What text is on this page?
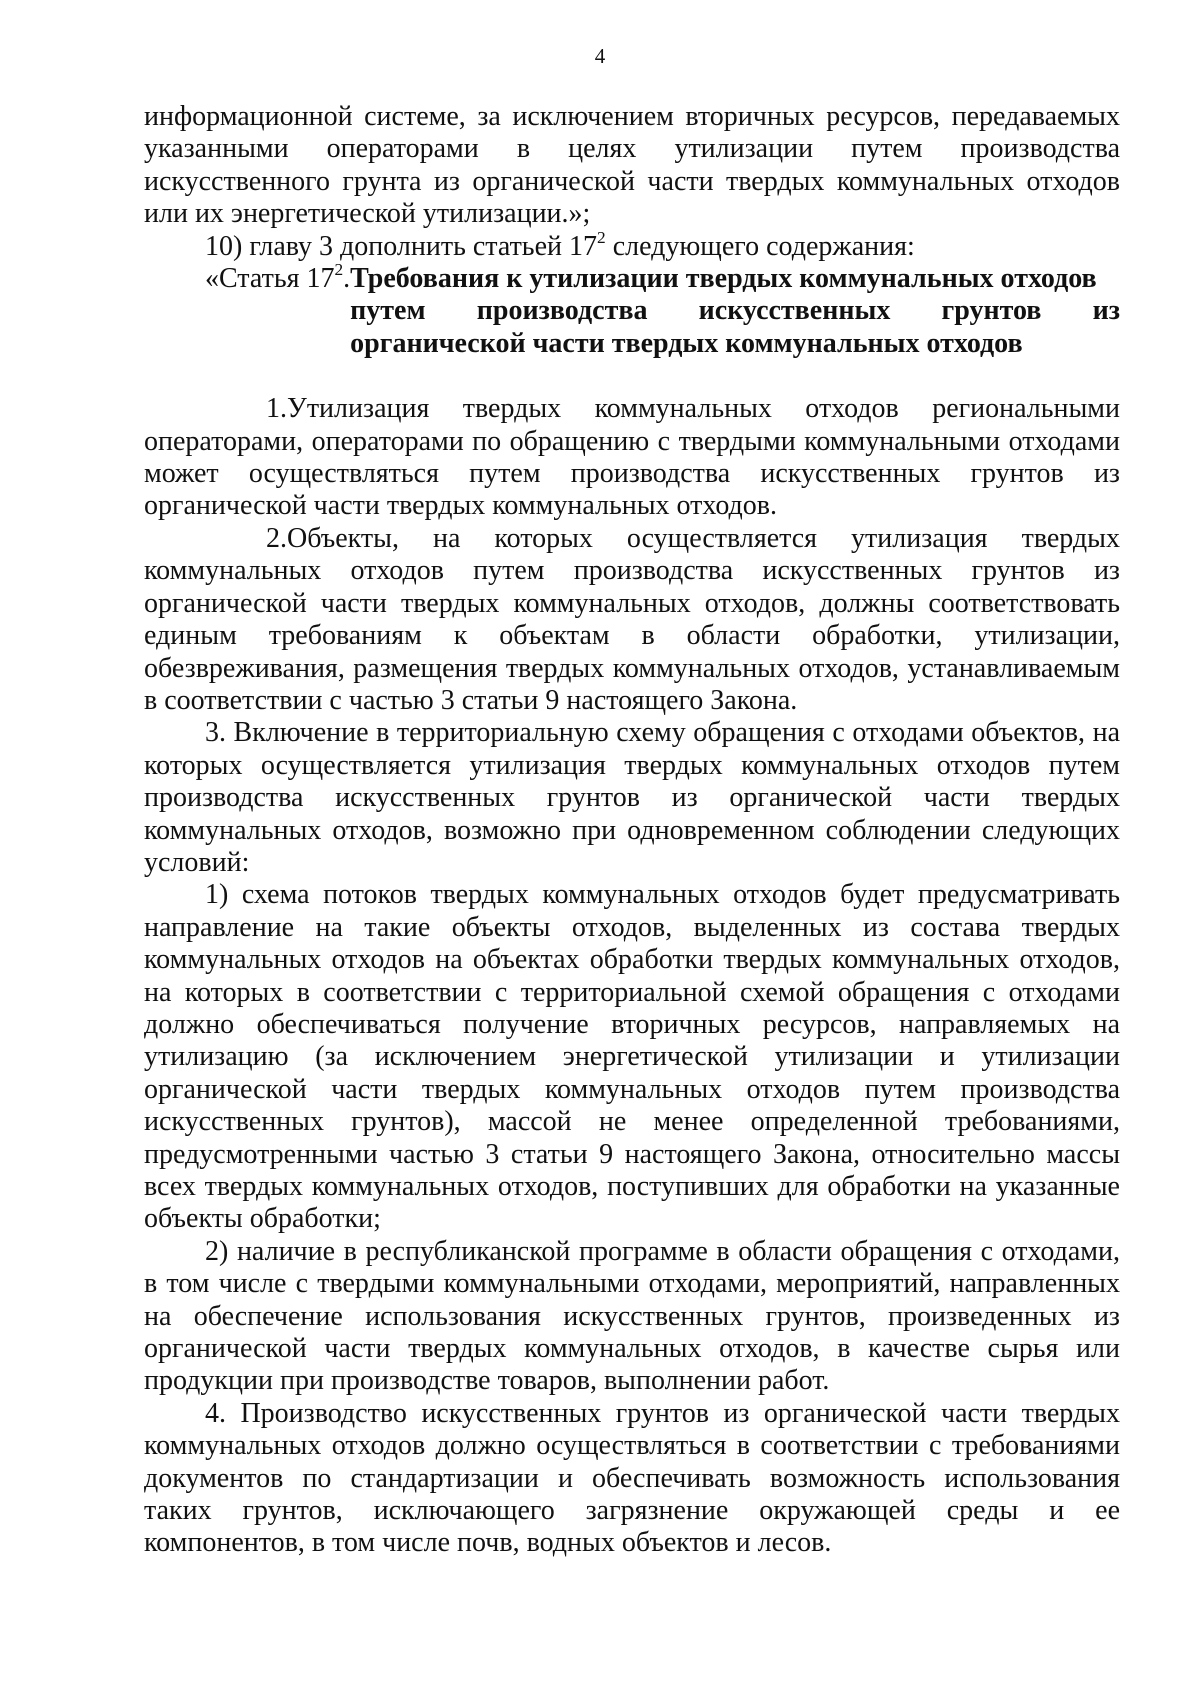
4

информационной системе, за исключением вторичных ресурсов, передаваемых указанными операторами в целях утилизации путем производства искусственного грунта из органической части твердых коммунальных отходов или их энергетической утилизации.»;

10) главу 3 дополнить статьей $17^2$ следующего содержания:

«Статья $17^2$. Требования к утилизации твердых коммунальных отходов
путем производства искусственных грунтов из
органической части твердых коммунальных отходов

1.Утилизация твердых коммунальных отходов региональными операторами, операторами по обращению с твердыми коммунальными отходами может осуществляться путем производства искусственных грунтов из органической части твердых коммунальных отходов.

2.Объекты, на которых осуществляется утилизация твердых коммунальных отходов путем производства искусственных грунтов из органической части твердых коммунальных отходов, должны соответствовать единым требованиям к объектам в области обработки, утилизации, обезвреживания, размещения твердых коммунальных отходов, устанавливаемым в соответствии с частью 3 статьи 9 настоящего Закона.

3. Включение в территориальную схему обращения с отходами объектов, на которых осуществляется утилизация твердых коммунальных отходов путем производства искусственных грунтов из органической части твердых коммунальных отходов, возможно при одновременном соблюдении следующих условий:

1) схема потоков твердых коммунальных отходов будет предусматривать направление на такие объекты отходов, выделенных из состава твердых коммунальных отходов на объектах обработки твердых коммунальных отходов, на которых в соответствии с территориальной схемой обращения с отходами должно обеспечиваться получение вторичных ресурсов, направляемых на утилизацию (за исключением энергетической утилизации и утилизации органической части твердых коммунальных отходов путем производства искусственных грунтов), массой не менее определенной требованиями, предусмотренными частью 3 статьи 9 настоящего Закона, относительно массы всех твердых коммунальных отходов, поступивших для обработки на указанные объекты обработки;

2) наличие в республиканской программе в области обращения с отходами, в том числе с твердыми коммунальными отходами, мероприятий, направленных на обеспечение использования искусственных грунтов, произведенных из органической части твердых коммунальных отходов, в качестве сырья или продукции при производстве товаров, выполнении работ.

4. Производство искусственных грунтов из органической части твердых коммунальных отходов должно осуществляться в соответствии с требованиями документов по стандартизации и обеспечивать возможность использования таких грунтов, исключающего загрязнение окружающей среды и ее компонентов, в том числе почв, водных объектов и лесов.
